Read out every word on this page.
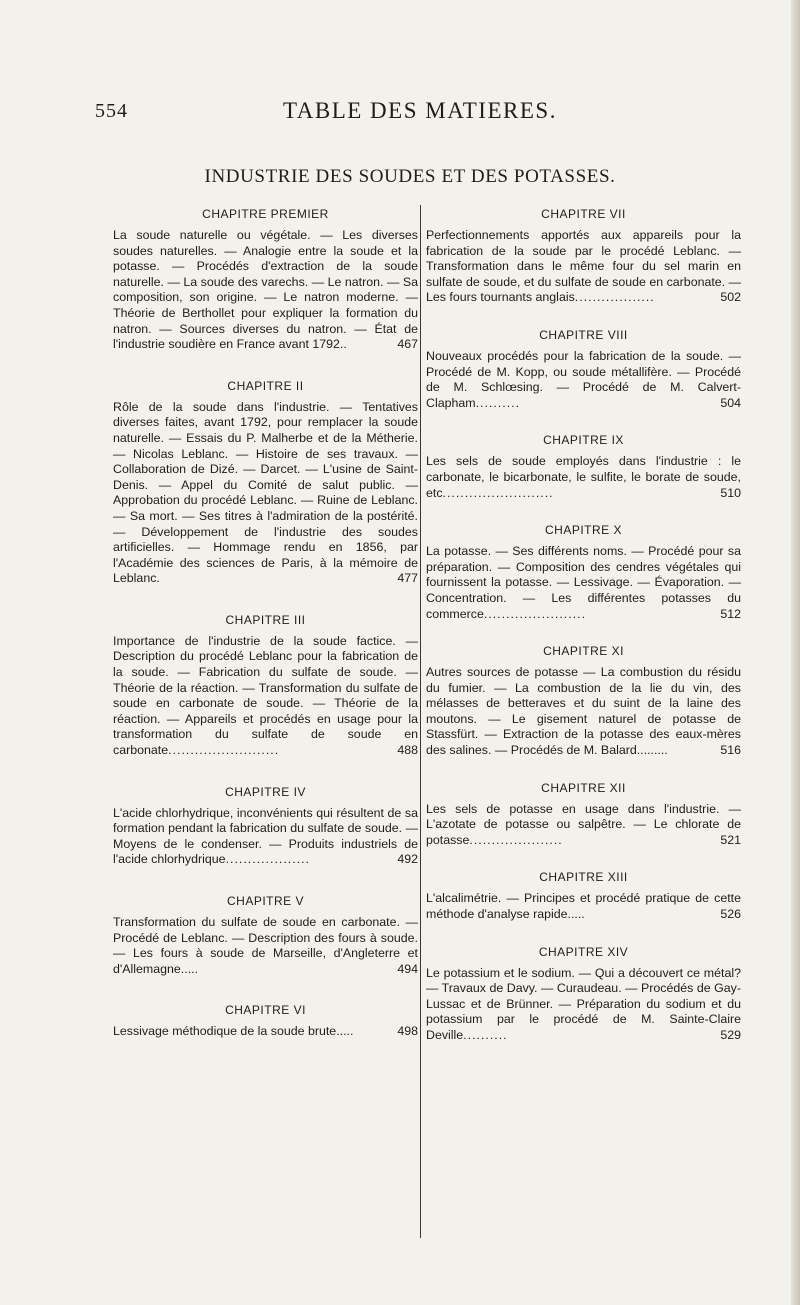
554	TABLE DES MATIERES.
INDUSTRIE DES SOUDES ET DES POTASSES.
CHAPITRE PREMIER

La soude naturelle ou végétale. — Les diverses soudes naturelles. — Analogie entre la soude et la potasse. — Procédés d'extraction de la soude naturelle. — La soude des varechs. — Le natron. — Sa composition, son origine. — Le natron moderne. — Théorie de Berthollet pour expliquer la formation du natron. — Sources diverses du natron. — État de l'industrie soudière en France avant 1792..	467

CHAPITRE II

Rôle de la soude dans l'industrie. — Tentatives diverses faites, avant 1792, pour remplacer la soude naturelle. — Essais du P. Malherbe et de la Métherie. — Nicolas Leblanc. — Histoire de ses travaux. — Collaboration de Dizé. — Darcet. — L'usine de Saint-Denis. — Appel du Comité de salut public. — Approbation du procédé Leblanc. — Ruine de Leblanc. — Sa mort. — Ses titres à l'admiration de la postérité. — Développement de l'industrie des soudes artificielles. — Hommage rendu en 1856, par l'Académie des sciences de Paris, à la mémoire de Leblanc.	477

CHAPITRE III

Importance de l'industrie de la soude factice. — Description du procédé Leblanc pour la fabrication de la soude. — Fabrication du sulfate de soude. — Théorie de la réaction. — Transformation du sulfate de soude en carbonate de soude. — Théorie de la réaction. — Appareils et procédés en usage pour la transformation du sulfate de soude en carbonate.........................	488

CHAPITRE IV

L'acide chlorhydrique, inconvénients qui résultent de sa formation pendant la fabrication du sulfate de soude. — Moyens de le condenser. — Produits industriels de l'acide chlorhydrique...................	492

CHAPITRE V

Transformation du sulfate de soude en carbonate. — Procédé de Leblanc. — Description des fours à soude. — Les fours à soude de Marseille, d'Angleterre et d'Allemagne.....	494

CHAPITRE VI

Lessivage méthodique de la soude brute.....	498

CHAPITRE VII

Perfectionnements apportés aux appareils pour la fabrication de la soude par le procédé Leblanc. — Transformation dans le même four du sel marin en sulfate de soude, et du sulfate de soude en carbonate. — Les fours tournants anglais..................	502

CHAPITRE VIII

Nouveaux procédés pour la fabrication de la soude. — Procédé de M. Kopp, ou soude métallifère. — Procédé de M. Schlœsing. — Procédé de M. Calvert-Clapham..........	504

CHAPITRE IX

Les sels de soude employés dans l'industrie : le carbonate, le bicarbonate, le sulfite, le borate de soude, etc.........................	510

CHAPITRE X

La potasse. — Ses différents noms. — Procédé pour sa préparation. — Composition des cendres végétales qui fournissent la potasse. — Lessivage. — Évaporation. — Concentration. — Les différentes potasses du commerce.......................	512

CHAPITRE XI

Autres sources de potasse — La combustion du résidu du fumier. — La combustion de la lie du vin, des mélasses de betteraves et du suint de la laine des moutons. — Le gisement naturel de potasse de Stassfürt. — Extraction de la potasse des eaux-mères des salines. — Procédés de M. Balard.........	516

CHAPITRE XII

Les sels de potasse en usage dans l'industrie. — L'azotate de potasse ou salpêtre. — Le chlorate de potasse.....................	521

CHAPITRE XIII

L'alcalimétrie. — Principes et procédé pratique de cette méthode d'analyse rapide.....	526

CHAPITRE XIV

Le potassium et le sodium. — Qui a découvert ce métal? — Travaux de Davy. — Curaudeau. — Procédés de Gay-Lussac et de Brünner. — Préparation du sodium et du potassium par le procédé de M. Sainte-Claire Deville..........	529
